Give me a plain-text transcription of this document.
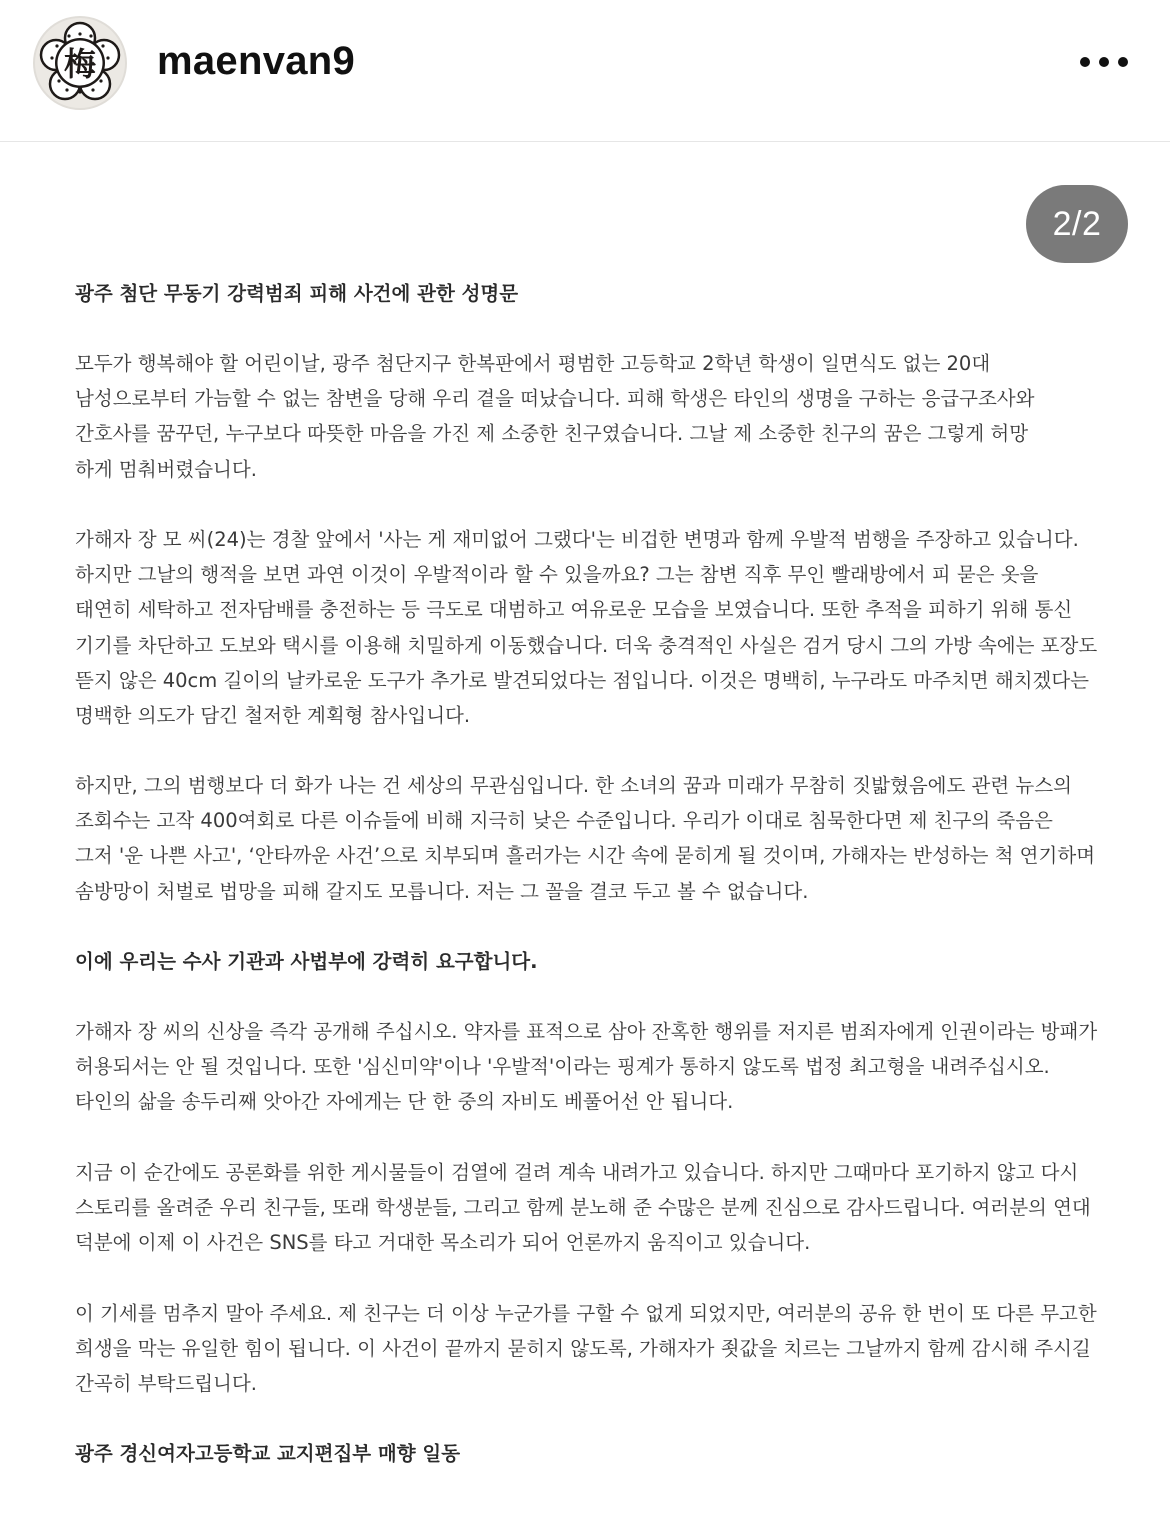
梅 maenvan9
2/2
광주 첨단 무동기 강력범죄 피해 사건에 관한 성명문
모두가 행복해야 할 어린이날, 광주 첨단지구 한복판에서 평범한 고등학교 2학년 학생이 일면식도 없는 20대
남성으로부터 가늠할 수 없는 참변을 당해 우리 곁을 떠났습니다. 피해 학생은 타인의 생명을 구하는 응급구조사와
간호사를 꿈꾸던, 누구보다 따뜻한 마음을 가진 제 소중한 친구였습니다. 그날 제 소중한 친구의 꿈은 그렇게 허망
하게 멈춰버렸습니다.
가해자 장 모 씨(24)는 경찰 앞에서 '사는 게 재미없어 그랬다'는 비겁한 변명과 함께 우발적 범행을 주장하고 있습니다.
하지만 그날의 행적을 보면 과연 이것이 우발적이라 할 수 있을까요? 그는 참변 직후 무인 빨래방에서 피 묻은 옷을
태연히 세탁하고 전자담배를 충전하는 등 극도로 대범하고 여유로운 모습을 보였습니다. 또한 추적을 피하기 위해 통신
기기를 차단하고 도보와 택시를 이용해 치밀하게 이동했습니다. 더욱 충격적인 사실은 검거 당시 그의 가방 속에는 포장도
뜯지 않은 40cm 길이의 날카로운 도구가 추가로 발견되었다는 점입니다. 이것은 명백히, 누구라도 마주치면 해치겠다는
명백한 의도가 담긴 철저한 계획형 참사입니다.
하지만, 그의 범행보다 더 화가 나는 건 세상의 무관심입니다. 한 소녀의 꿈과 미래가 무참히 짓밟혔음에도 관련 뉴스의
조회수는 고작 400여회로 다른 이슈들에 비해 지극히 낮은 수준입니다. 우리가 이대로 침묵한다면 제 친구의 죽음은
그저 '운 나쁜 사고', ‘안타까운 사건’으로 치부되며 흘러가는 시간 속에 묻히게 될 것이며, 가해자는 반성하는 척 연기하며
솜방망이 처벌로 법망을 피해 갈지도 모릅니다. 저는 그 꼴을 결코 두고 볼 수 없습니다.
이에 우리는 수사 기관과 사법부에 강력히 요구합니다.
가해자 장 씨의 신상을 즉각 공개해 주십시오. 약자를 표적으로 삼아 잔혹한 행위를 저지른 범죄자에게 인권이라는 방패가
허용되서는 안 될 것입니다. 또한 '심신미약'이나 '우발적'이라는 핑계가 통하지 않도록 법정 최고형을 내려주십시오.
타인의 삶을 송두리째 앗아간 자에게는 단 한 중의 자비도 베풀어선 안 됩니다.
지금 이 순간에도 공론화를 위한 게시물들이 검열에 걸려 계속 내려가고 있습니다. 하지만 그때마다 포기하지 않고 다시
스토리를 올려준 우리 친구들, 또래 학생분들, 그리고 함께 분노해 준 수많은 분께 진심으로 감사드립니다. 여러분의 연대
덕분에 이제 이 사건은 SNS를 타고 거대한 목소리가 되어 언론까지 움직이고 있습니다.
이 기세를 멈추지 말아 주세요. 제 친구는 더 이상 누군가를 구할 수 없게 되었지만, 여러분의 공유 한 번이 또 다른 무고한
희생을 막는 유일한 힘이 됩니다. 이 사건이 끝까지 묻히지 않도록, 가해자가 죗값을 치르는 그날까지 함께 감시해 주시길
간곡히 부탁드립니다.
광주 경신여자고등학교 교지편집부 매향 일동
